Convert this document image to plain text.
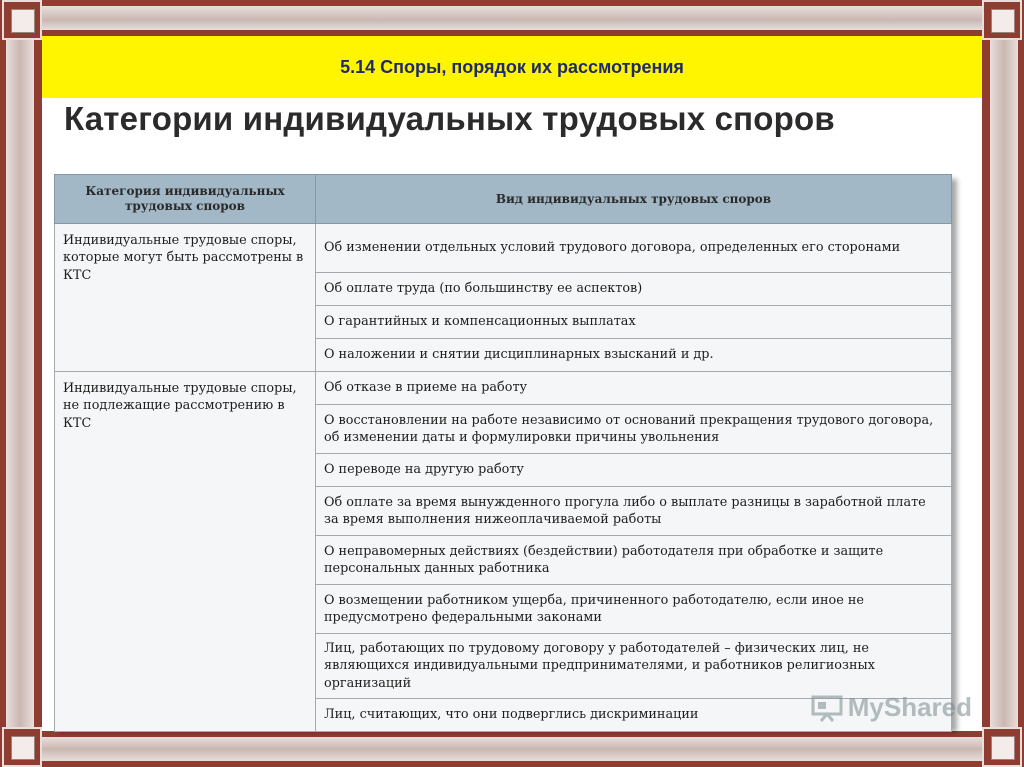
5.14 Споры, порядок их рассмотрения
Категории индивидуальных трудовых споров
Категория индивидуальных трудовых споров	Вид индивидуальных трудовых споров
Индивидуальные трудовые споры, которые могут быть рассмотрены в КТС	Об изменении отдельных условий трудового договора, определенных его сторонами
	Об оплате труда (по большинству ее аспектов)
	О гарантийных и компенсационных выплатах
	О наложении и снятии дисциплинарных взысканий и др.
Индивидуальные трудовые споры, не подлежащие рассмотрению в КТС	Об отказе в приеме на работу
	О восстановлении на работе независимо от оснований прекращения трудового договора, об изменении даты и формулировки причины увольнения
	О переводе на другую работу
	Об оплате за время вынужденного прогула либо о выплате разницы в заработной плате за время выполнения нижеоплачиваемой работы
	О неправомерных действиях (бездействии) работодателя при обработке и защите персональных данных работника
	О возмещении работником ущерба, причиненного работодателю, если иное не предусмотрено федеральными законами
	Лиц, работающих по трудовому договору у работодателей – физических лиц, не являющихся индивидуальными предпринимателями, и работников религиозных организаций
	Лиц, считающих, что они подверглись дискриминации	MyShared
